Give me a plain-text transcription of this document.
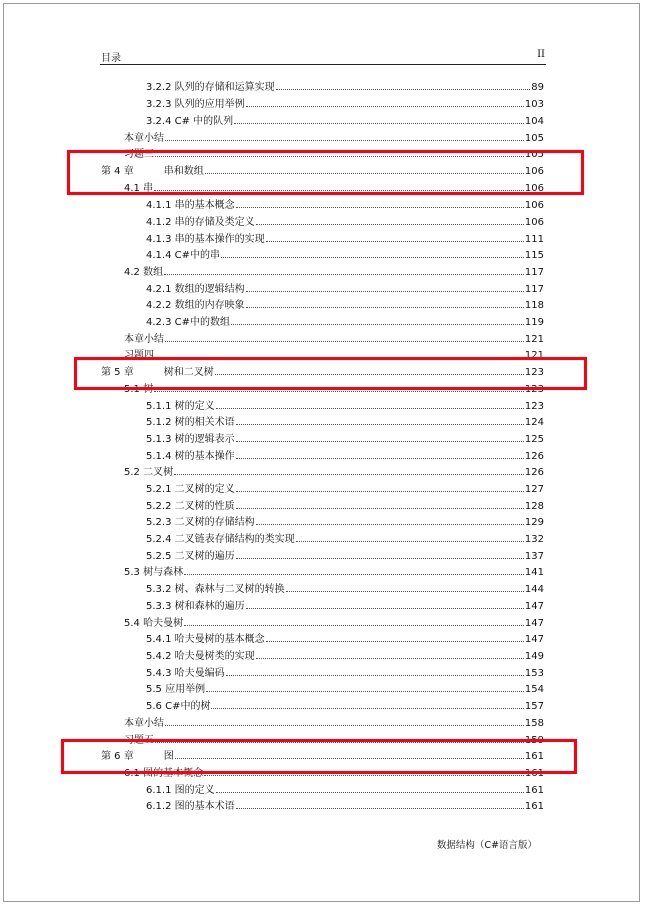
目录	II
3.2.2 队列的存储和运算实现	89
3.2.3 队列的应用举例	103
3.2.4 C# 中的队列	104
本章小结	105
习题三	105
第 4 章　　　串和数组	106
4.1 串	106
4.1.1 串的基本概念	106
4.1.2 串的存储及类定义	106
4.1.3 串的基本操作的实现	111
4.1.4 C#中的串	115
4.2 数组	117
4.2.1 数组的逻辑结构	117
4.2.2 数组的内存映象	118
4.2.3 C#中的数组	119
本章小结	121
习题四	121
第 5 章　　　树和二叉树	123
5.1 树	123
5.1.1 树的定义	123
5.1.2 树的相关术语	124
5.1.3 树的逻辑表示	125
5.1.4 树的基本操作	126
5.2 二叉树	126
5.2.1 二叉树的定义	127
5.2.2 二叉树的性质	128
5.2.3 二叉树的存储结构	129
5.2.4 二叉链表存储结构的类实现	132
5.2.5 二叉树的遍历	137
5.3 树与森林	141
5.3.2 树、森林与二叉树的转换	144
5.3.3 树和森林的遍历	147
5.4 哈夫曼树	147
5.4.1 哈夫曼树的基本概念	147
5.4.2 哈夫曼树类的实现	149
5.4.3 哈夫曼编码	153
5.5 应用举例	154
5.6 C#中的树	157
本章小结	158
习题五	159
第 6 章　　　图	161
6.1 图的基本概念	161
6.1.1 图的定义	161
6.1.2 图的基本术语	161
数据结构（C#语言版）
